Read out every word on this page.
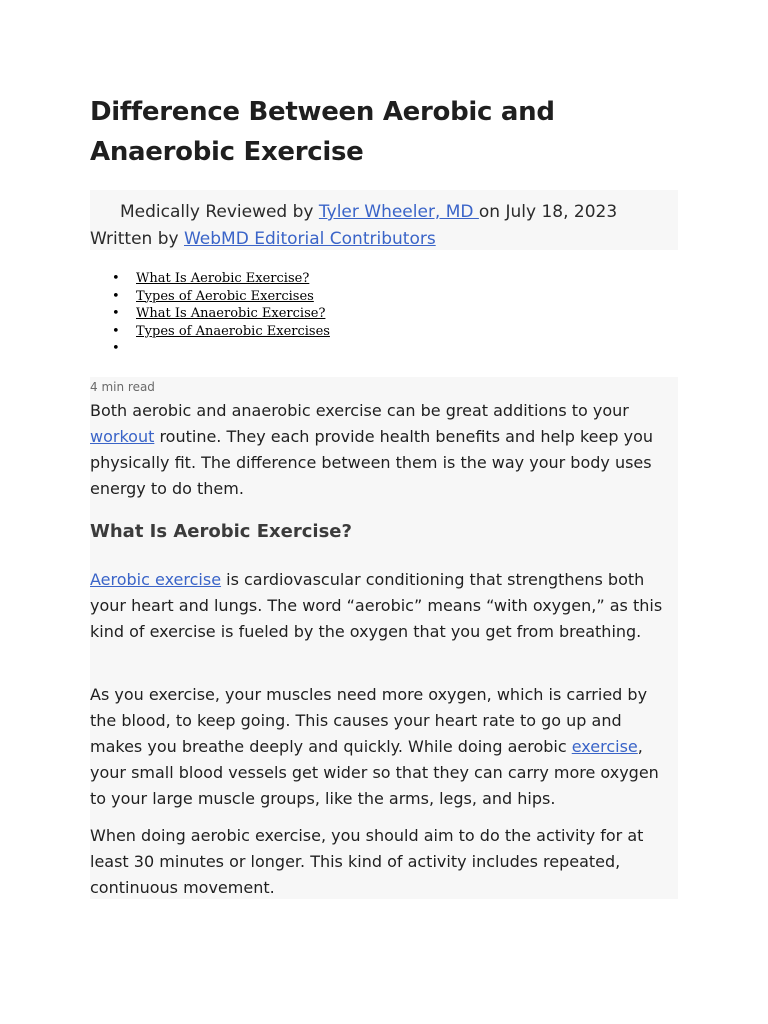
Difference Between Aerobic and Anaerobic Exercise
Medically Reviewed by Tyler Wheeler, MD on July 18, 2023
Written by WebMD Editorial Contributors
• What Is Aerobic Exercise?
• Types of Aerobic Exercises
• What Is Anaerobic Exercise?
• Types of Anaerobic Exercises
•
4 min read

Both aerobic and anaerobic exercise can be great additions to your workout routine. They each provide health benefits and help keep you physically fit. The difference between them is the way your body uses energy to do them.

What Is Aerobic Exercise?

Aerobic exercise is cardiovascular conditioning that strengthens both your heart and lungs. The word “aerobic” means “with oxygen,” as this kind of exercise is fueled by the oxygen that you get from breathing.

As you exercise, your muscles need more oxygen, which is carried by the blood, to keep going. This causes your heart rate to go up and makes you breathe deeply and quickly. While doing aerobic exercise, your small blood vessels get wider so that they can carry more oxygen to your large muscle groups, like the arms, legs, and hips.

When doing aerobic exercise, you should aim to do the activity for at least 30 minutes or longer. This kind of activity includes repeated, continuous movement.
